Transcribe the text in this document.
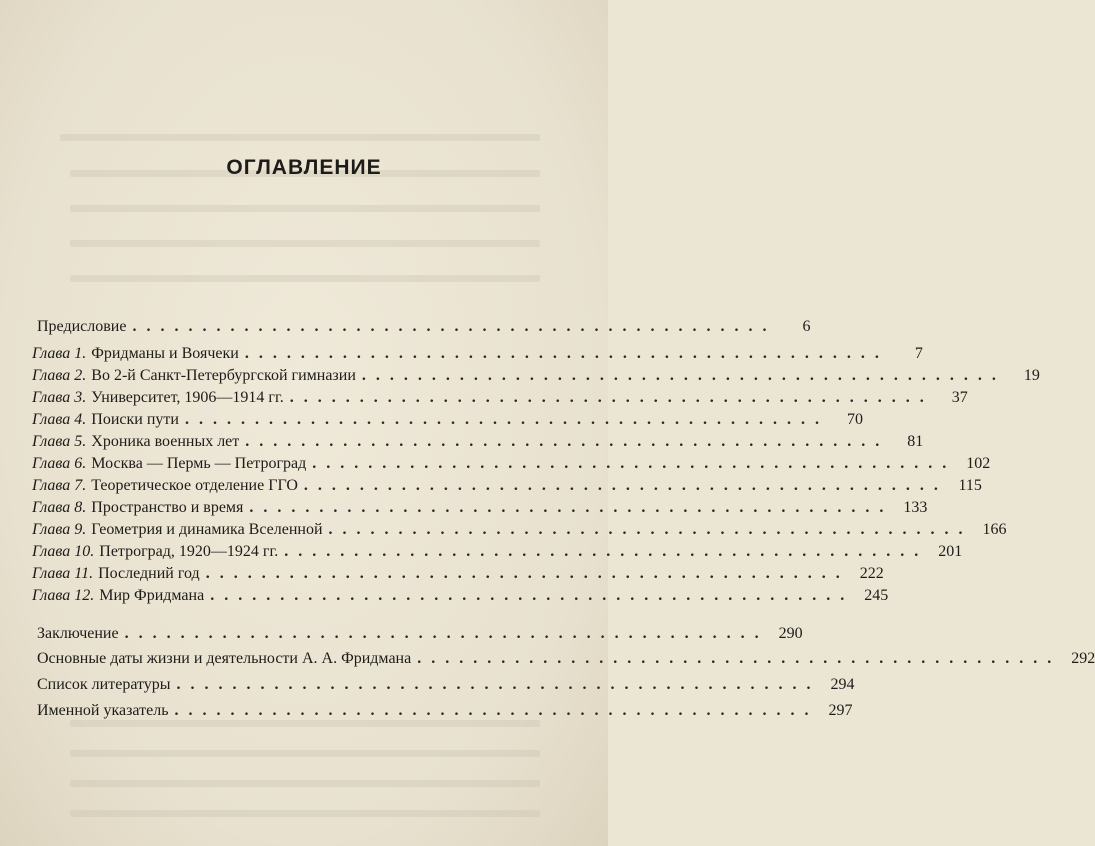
ОГЛАВЛЕНИЕ
Предисловие ..............................................	6
Глава 1. Фридманы и Воячеки ..............................................	7
Глава 2. Во 2-й Санкт-Петербургской гимназии ..............................................	19
Глава 3. Университет, 1906—1914 гг. ..............................................	37
Глава 4. Поиски пути ..............................................	70
Глава 5. Хроника военных лет ..............................................	81
Глава 6. Москва — Пермь — Петроград .............................................. 102
Глава 7. Теоретическое отделение ГГО .............................................. 115
Глава 8. Пространство и время .............................................. 133
Глава 9. Геометрия и динамика Вселенной .............................................. 166
Глава 10. Петроград, 1920—1924 гг. .............................................. 201
Глава 11. Последний год .............................................. 222
Глава 12. Мир Фридмана .............................................. 245
Заключение .............................................. 290
Основные даты жизни и деятельности А. А. Фридмана .............................................. 292
Список литературы .............................................. 294
Именной указатель .............................................. 297
